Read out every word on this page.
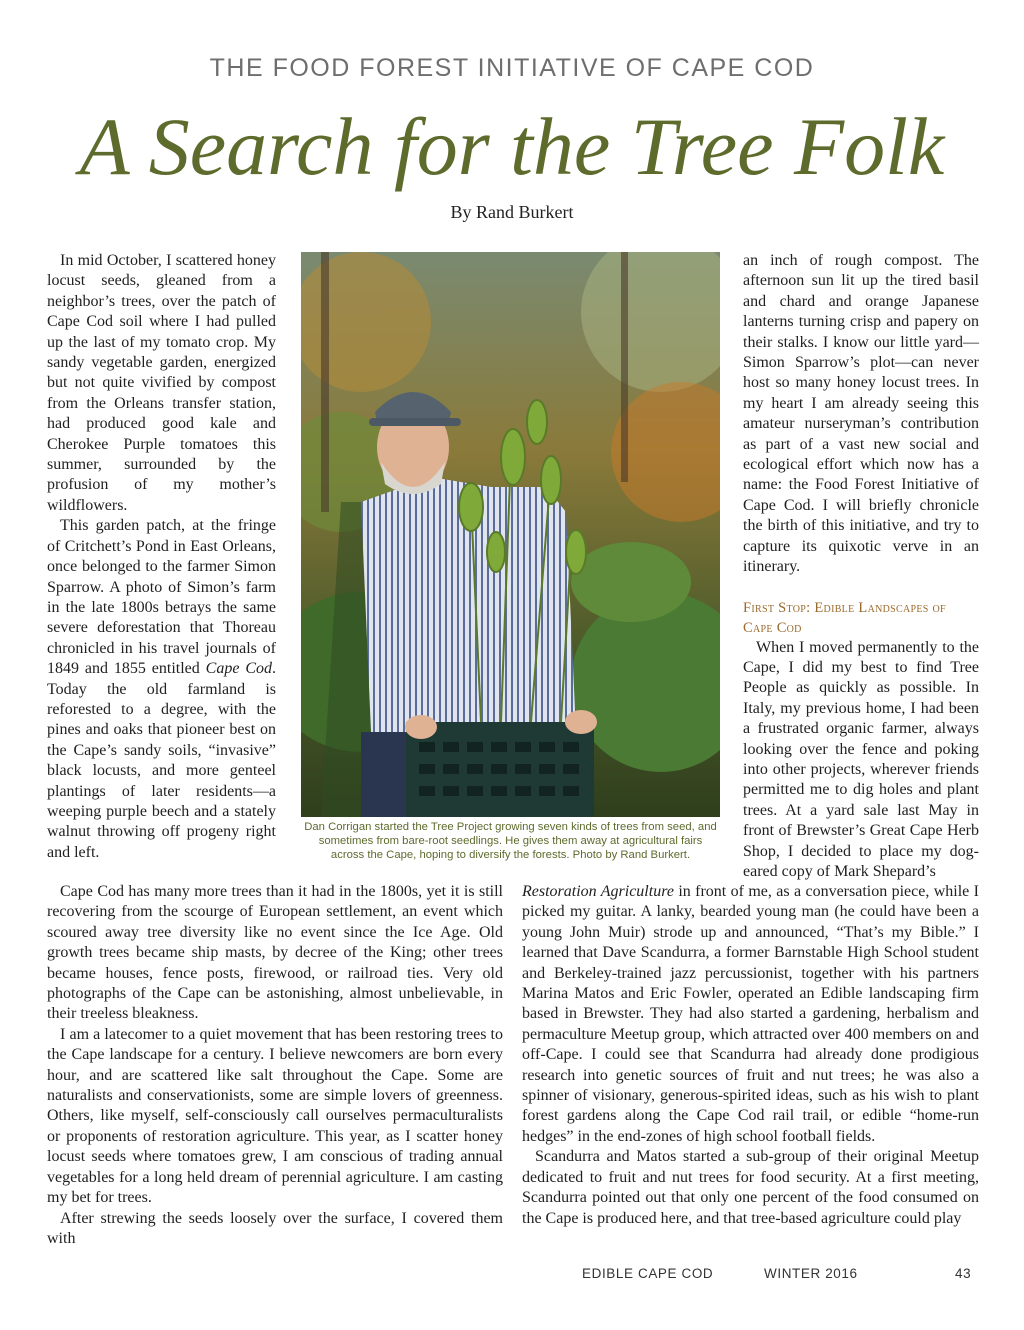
THE FOOD FOREST INITIATIVE OF CAPE COD
A Search for the Tree Folk
By Rand Burkert

In mid October, I scattered honey locust seeds, gleaned from a neighbor’s trees, over the patch of Cape Cod soil where I had pulled up the last of my tomato crop. My sandy vegetable garden, energized but not quite vivified by compost from the Orleans transfer station, had produced good kale and Cherokee Purple tomatoes this summer, surrounded by the profusion of my mother’s wildflowers.

This garden patch, at the fringe of Critchett’s Pond in East Orleans, once belonged to the farmer Simon Sparrow. A photo of Simon’s farm in the late 1800s betrays the same severe deforestation that Thoreau chronicled in his travel journals of 1849 and 1855 entitled Cape Cod. Today the old farmland is reforested to a degree, with the pines and oaks that pioneer best on the Cape’s sandy soils, “invasive” black locusts, and more genteel plantings of later residents—a weeping purple beech and a stately walnut throwing off progeny right and left.

Dan Corrigan started the Tree Project growing seven kinds of trees from seed, and sometimes from bare-root seedlings. He gives them away at agricultural fairs across the Cape, hoping to diversify the forests. Photo by Rand Burkert.

an inch of rough compost. The afternoon sun lit up the tired basil and chard and orange Japanese lanterns turning crisp and papery on their stalks. I know our little yard—Simon Sparrow’s plot—can never host so many honey locust trees. In my heart I am already seeing this amateur nurseryman’s contribution as part of a vast new social and ecological effort which now has a name: the Food Forest Initiative of Cape Cod. I will briefly chronicle the birth of this initiative, and try to capture its quixotic verve in an itinerary.

First Stop: Edible Landscapes of Cape Cod

When I moved permanently to the Cape, I did my best to find Tree People as quickly as possible. In Italy, my previous home, I had been a frustrated organic farmer, always looking over the fence and poking into other projects, wherever friends permitted me to dig holes and plant trees. At a yard sale last May in front of Brewster’s Great Cape Herb Shop, I decided to place my dog-eared copy of Mark Shepard’s

Cape Cod has many more trees than it had in the 1800s, yet it is still recovering from the scourge of European settlement, an event which scoured away tree diversity like no event since the Ice Age. Old growth trees became ship masts, by decree of the King; other trees became houses, fence posts, firewood, or railroad ties. Very old photographs of the Cape can be astonishing, almost unbelievable, in their treeless bleakness.

I am a latecomer to a quiet movement that has been restoring trees to the Cape landscape for a century. I believe newcomers are born every hour, and are scattered like salt throughout the Cape. Some are naturalists and conservationists, some are simple lovers of greenness. Others, like myself, self-consciously call ourselves permaculturalists or proponents of restoration agriculture. This year, as I scatter honey locust seeds where tomatoes grew, I am conscious of trading annual vegetables for a long held dream of perennial agriculture. I am casting my bet for trees.

After strewing the seeds loosely over the surface, I covered them with

Restoration Agriculture in front of me, as a conversation piece, while I picked my guitar. A lanky, bearded young man (he could have been a young John Muir) strode up and announced, “That’s my Bible.” I learned that Dave Scandurra, a former Barnstable High School student and Berkeley-trained jazz percussionist, together with his partners Marina Matos and Eric Fowler, operated an Edible landscaping firm based in Brewster. They had also started a gardening, herbalism and permaculture Meetup group, which attracted over 400 members on and off-Cape. I could see that Scandurra had already done prodigious research into genetic sources of fruit and nut trees; he was also a spinner of visionary, generous-spirited ideas, such as his wish to plant forest gardens along the Cape Cod rail trail, or edible “home-run hedges” in the end-zones of high school football fields.

Scandurra and Matos started a sub-group of their original Meetup dedicated to fruit and nut trees for food security. At a first meeting, Scandurra pointed out that only one percent of the food consumed on the Cape is produced here, and that tree-based agriculture could play

EDIBLE CAPE COD	WINTER 2016	43
